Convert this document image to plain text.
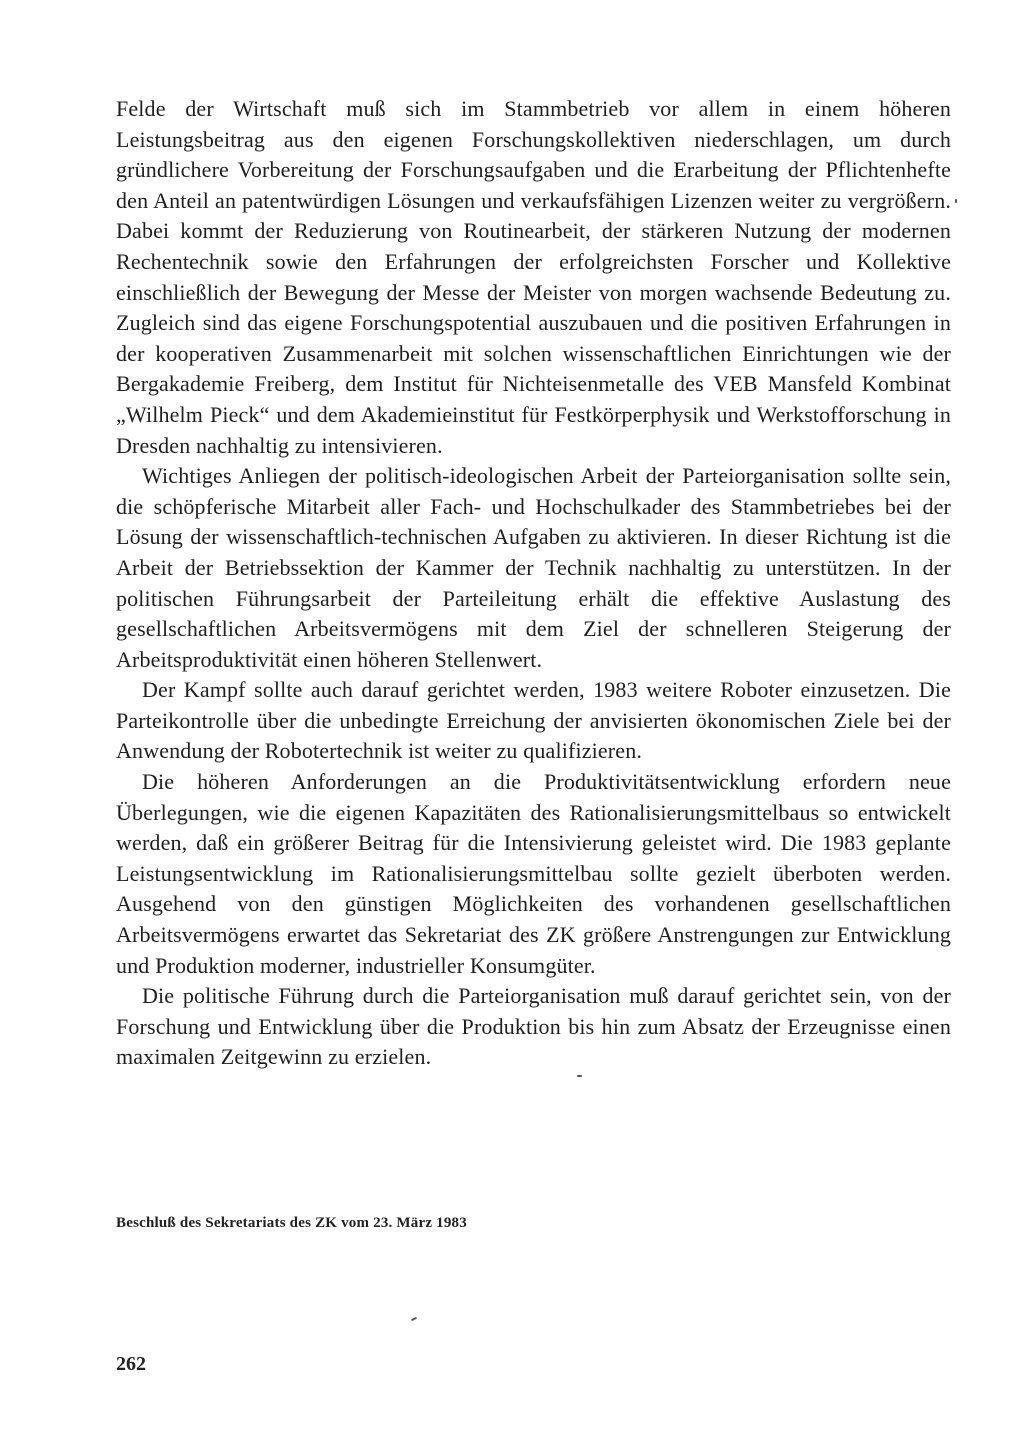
Felde der Wirtschaft muß sich im Stammbetrieb vor allem in einem höheren Leistungsbeitrag aus den eigenen Forschungskollektiven niederschlagen, um durch gründlichere Vorbereitung der Forschungsaufgaben und die Erarbeitung der Pflichtenhefte den Anteil an patentwürdigen Lösungen und verkaufsfähigen Lizenzen weiter zu vergrößern. Dabei kommt der Reduzierung von Routinearbeit, der stärkeren Nutzung der modernen Rechentechnik sowie den Erfahrungen der erfolgreichsten Forscher und Kollektive einschließlich der Bewegung der Messe der Meister von morgen wachsende Bedeutung zu. Zugleich sind das eigene Forschungspotential auszubauen und die positiven Erfahrungen in der kooperativen Zusammenarbeit mit solchen wissenschaftlichen Einrichtungen wie der Bergakademie Freiberg, dem Institut für Nichteisenmetalle des VEB Mansfeld Kombinat „Wilhelm Pieck“ und dem Akademieinstitut für Festkörperphysik und Werkstofforschung in Dresden nachhaltig zu intensivieren.

Wichtiges Anliegen der politisch-ideologischen Arbeit der Parteiorganisation sollte sein, die schöpferische Mitarbeit aller Fach- und Hochschulkader des Stammbetriebes bei der Lösung der wissenschaftlich-technischen Aufgaben zu aktivieren. In dieser Richtung ist die Arbeit der Betriebssektion der Kammer der Technik nachhaltig zu unterstützen. In der politischen Führungsarbeit der Parteileitung erhält die effektive Auslastung des gesellschaftlichen Arbeitsvermögens mit dem Ziel der schnelleren Steigerung der Arbeitsproduktivität einen höheren Stellenwert.

Der Kampf sollte auch darauf gerichtet werden, 1983 weitere Roboter einzusetzen. Die Parteikontrolle über die unbedingte Erreichung der anvisierten ökonomischen Ziele bei der Anwendung der Robotertechnik ist weiter zu qualifizieren.

Die höheren Anforderungen an die Produktivitätsentwicklung erfordern neue Überlegungen, wie die eigenen Kapazitäten des Rationalisierungsmittelbaus so entwickelt werden, daß ein größerer Beitrag für die Intensivierung geleistet wird. Die 1983 geplante Leistungsentwicklung im Rationalisierungsmittelbau sollte gezielt überboten werden. Ausgehend von den günstigen Möglichkeiten des vorhandenen gesellschaftlichen Arbeitsvermögens erwartet das Sekretariat des ZK größere Anstrengungen zur Entwicklung und Produktion moderner, industrieller Konsumgüter.

Die politische Führung durch die Parteiorganisation muß darauf gerichtet sein, von der Forschung und Entwicklung über die Produktion bis hin zum Absatz der Erzeugnisse einen maximalen Zeitgewinn zu erzielen.

Beschluß des Sekretariats des ZK vom 23. März 1983
262
